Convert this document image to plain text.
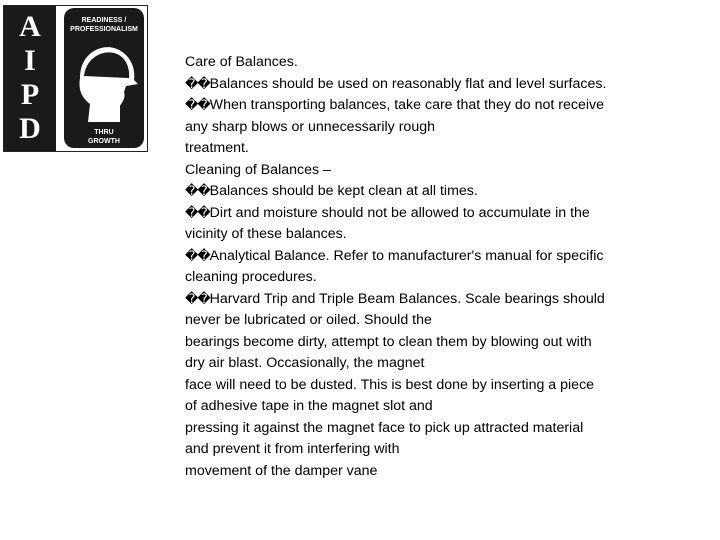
A
I
P
D
READINESS /
PROFESSIONALISM
THRU
GROWTH
Care of Balances.
��Balances should be used on reasonably flat and level surfaces.
��When transporting balances, take care that they do not receive
any sharp blows or unnecessarily rough
treatment.
Cleaning of Balances –
��Balances should be kept clean at all times.
��Dirt and moisture should not be allowed to accumulate in the
vicinity of these balances.
��Analytical Balance. Refer to manufacturer's manual for specific
cleaning procedures.
��Harvard Trip and Triple Beam Balances. Scale bearings should
never be lubricated or oiled. Should the
bearings become dirty, attempt to clean them by blowing out with
dry air blast. Occasionally, the magnet
face will need to be dusted. This is best done by inserting a piece
of adhesive tape in the magnet slot and
pressing it against the magnet face to pick up attracted material
and prevent it from interfering with
movement of the damper vane
